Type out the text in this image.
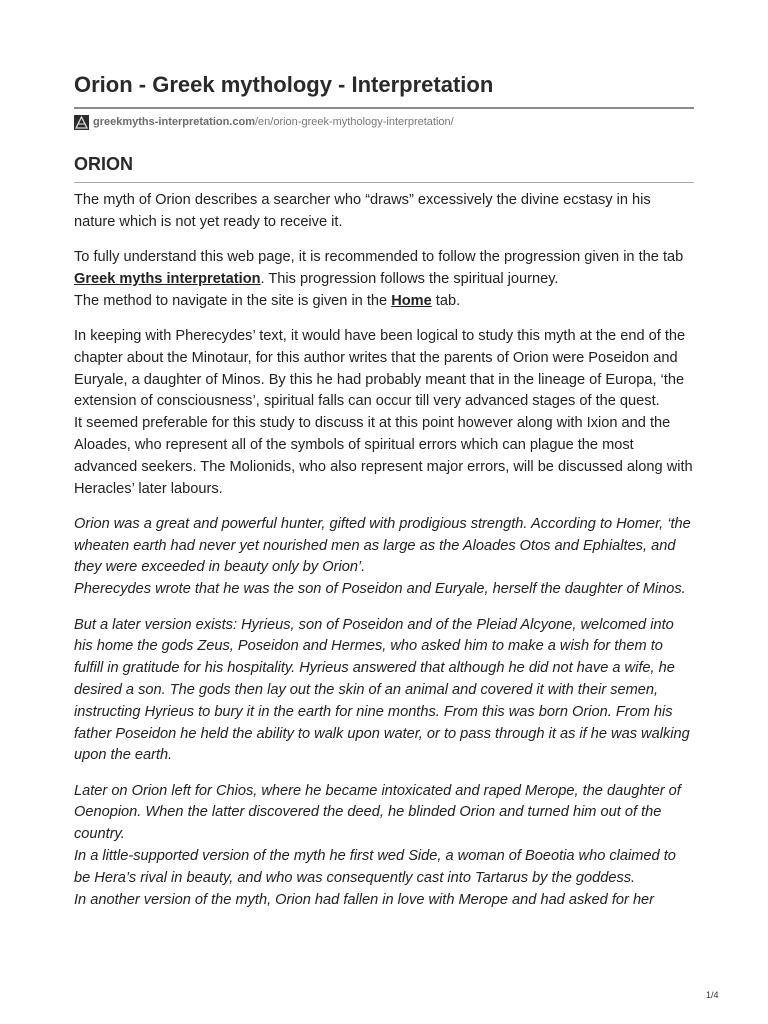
Orion - Greek mythology - Interpretation
greekmyths-interpretation.com /en/orion-greek-mythology-interpretation/
ORION

The myth of Orion describes a searcher who “draws” excessively the divine ecstasy in his nature which is not yet ready to receive it.

To fully understand this web page, it is recommended to follow the progression given in the tab Greek myths interpretation. This progression follows the spiritual journey.
The method to navigate in the site is given in the Home tab.

In keeping with Pherecydes’ text, it would have been logical to study this myth at the end of the chapter about the Minotaur, for this author writes that the parents of Orion were Poseidon and Euryale, a daughter of Minos. By this he had probably meant that in the lineage of Europa, ‘the extension of consciousness’, spiritual falls can occur till very advanced stages of the quest.
It seemed preferable for this study to discuss it at this point however along with Ixion and the Aloades, who represent all of the symbols of spiritual errors which can plague the most advanced seekers. The Molionids, who also represent major errors, will be discussed along with Heracles’ later labours.

Orion was a great and powerful hunter, gifted with prodigious strength. According to Homer, ‘the wheaten earth had never yet nourished men as large as the Aloades Otos and Ephialtes, and they were exceeded in beauty only by Orion’.
Pherecydes wrote that he was the son of Poseidon and Euryale, herself the daughter of Minos.

But a later version exists: Hyrieus, son of Poseidon and of the Pleiad Alcyone, welcomed into his home the gods Zeus, Poseidon and Hermes, who asked him to make a wish for them to fulfill in gratitude for his hospitality. Hyrieus answered that although he did not have a wife, he desired a son. The gods then lay out the skin of an animal and covered it with their semen, instructing Hyrieus to bury it in the earth for nine months. From this was born Orion. From his father Poseidon he held the ability to walk upon water, or to pass through it as if he was walking upon the earth.

Later on Orion left for Chios, where he became intoxicated and raped Merope, the daughter of Oenopion. When the latter discovered the deed, he blinded Orion and turned him out of the country.
In a little-supported version of the myth he first wed Side, a woman of Boeotia who claimed to be Hera’s rival in beauty, and who was consequently cast into Tartarus by the goddess.
In another version of the myth, Orion had fallen in love with Merope and had asked for her

1/4
